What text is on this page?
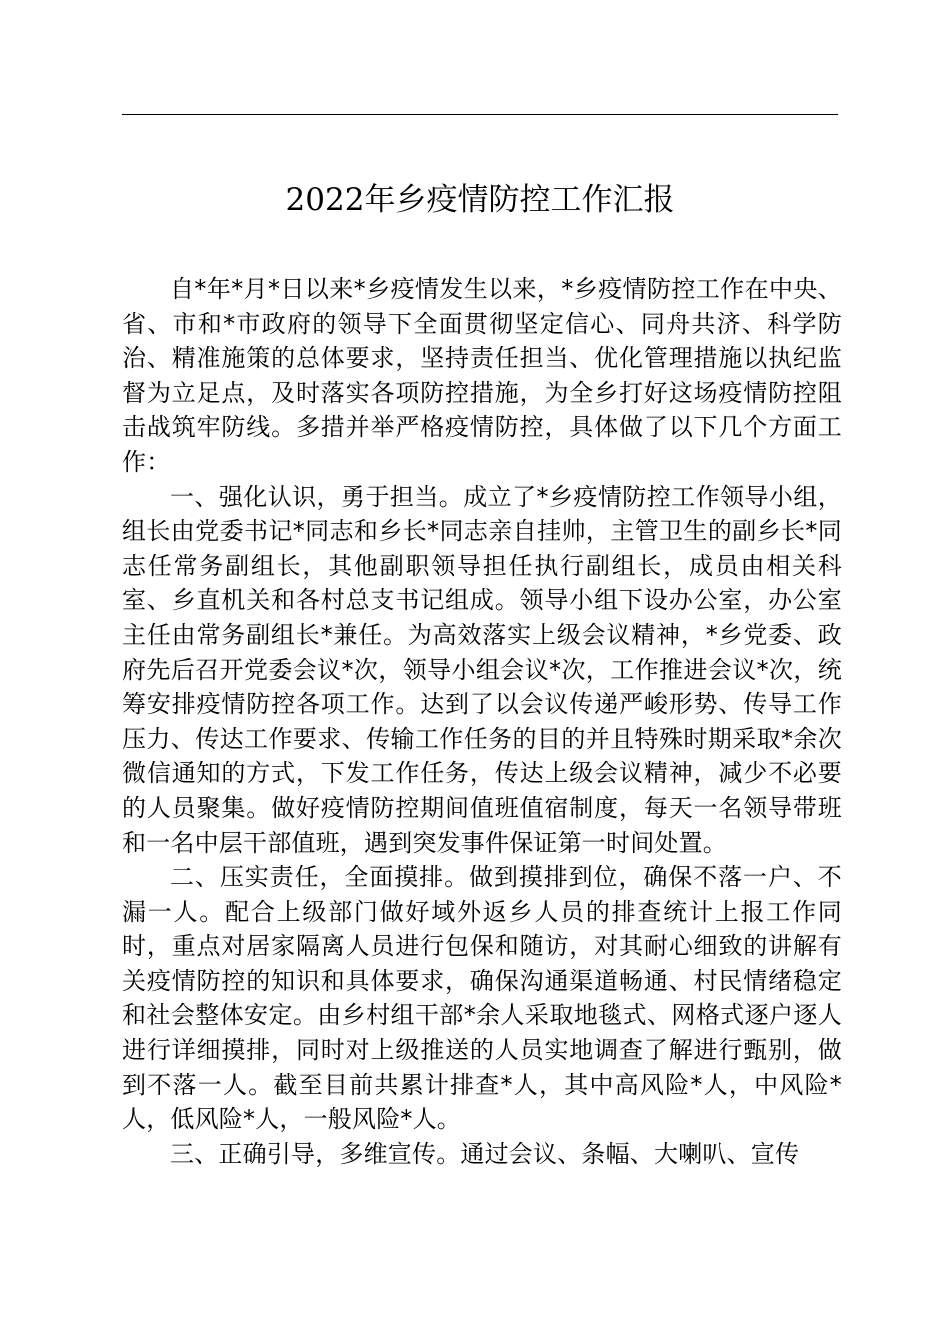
2022年乡疫情防控工作汇报

自*年*月*日以来*乡疫情发生以来，*乡疫情防控工作在中央、省、市和*市政府的领导下全面贯彻坚定信心、同舟共济、科学防治、精准施策的总体要求，坚持责任担当、优化管理措施以执纪监督为立足点，及时落实各项防控措施，为全乡打好这场疫情防控阻击战筑牢防线。多措并举严格疫情防控，具体做了以下几个方面工作：

一、强化认识，勇于担当。成立了*乡疫情防控工作领导小组，组长由党委书记*同志和乡长*同志亲自挂帅，主管卫生的副乡长*同志任常务副组长，其他副职领导担任执行副组长，成员由相关科室、乡直机关和各村总支书记组成。领导小组下设办公室，办公室主任由常务副组长*兼任。为高效落实上级会议精神，*乡党委、政府先后召开党委会议*次，领导小组会议*次，工作推进会议*次，统筹安排疫情防控各项工作。达到了以会议传递严峻形势、传导工作压力、传达工作要求、传输工作任务的目的并且特殊时期采取*余次微信通知的方式，下发工作任务，传达上级会议精神，减少不必要的人员聚集。做好疫情防控期间值班值宿制度，每天一名领导带班和一名中层干部值班，遇到突发事件保证第一时间处置。

二、压实责任，全面摸排。做到摸排到位，确保不落一户、不漏一人。配合上级部门做好域外返乡人员的排查统计上报工作同时，重点对居家隔离人员进行包保和随访，对其耐心细致的讲解有关疫情防控的知识和具体要求，确保沟通渠道畅通、村民情绪稳定和社会整体安定。由乡村组干部*余人采取地毯式、网格式逐户逐人进行详细摸排，同时对上级推送的人员实地调查了解进行甄别，做到不落一人。截至目前共累计排查*人，其中高风险*人，中风险*人，低风险*人，一般风险*人。

三、正确引导，多维宣传。通过会议、条幅、大喇叭、宣传
